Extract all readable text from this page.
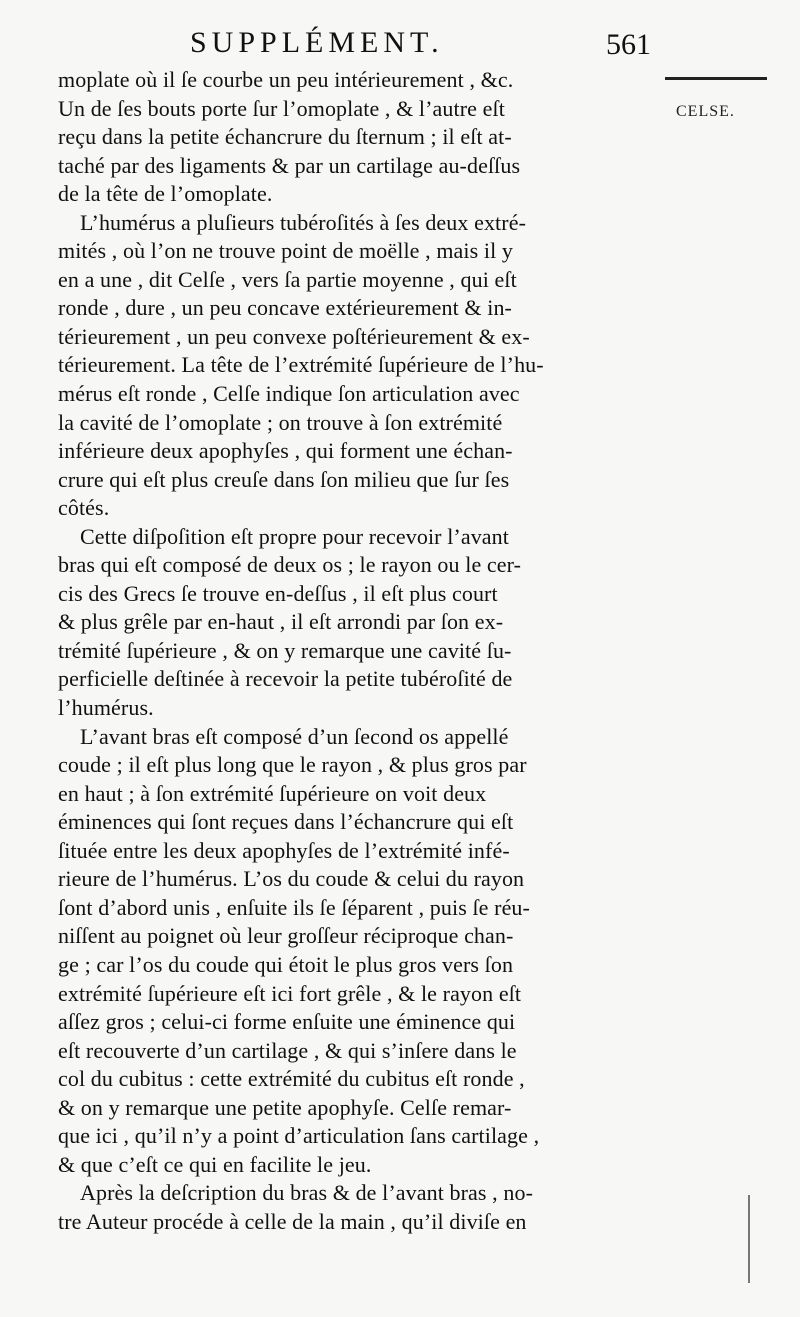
SUPPLÉMENT.	561
CELSE.
moplate où il ſe courbe un peu intérieurement , &c.
Un de ſes bouts porte ſur l’omoplate , & l’autre eſt
reçu dans la petite échancrure du ſternum ; il eſt at-
taché par des ligaments & par un cartilage au-deſſus
de la tête de l’omoplate.
L’humérus a pluſieurs tubéroſités à ſes deux extré-
mités , où l’on ne trouve point de moëlle , mais il y
en a une , dit Celſe , vers ſa partie moyenne , qui eſt
ronde , dure , un peu concave extérieurement & in-
térieurement , un peu convexe poſtérieurement & ex-
térieurement. La tête de l’extrémité ſupérieure de l’hu-
mérus eſt ronde , Celſe indique ſon articulation avec
la cavité de l’omoplate ; on trouve à ſon extrémité
inférieure deux apophyſes , qui forment une échan-
crure qui eſt plus creuſe dans ſon milieu que ſur ſes
côtés.
Cette diſpoſition eſt propre pour recevoir l’avant
bras qui eſt composé de deux os ; le rayon ou le cer-
cis des Grecs ſe trouve en-deſſus , il eſt plus court
& plus grêle par en-haut , il eſt arrondi par ſon ex-
trémité ſupérieure , & on y remarque une cavité ſu-
perficielle deſtinée à recevoir la petite tubéroſité de
l’humérus.
L’avant bras eſt composé d’un ſecond os appellé
coude ; il eſt plus long que le rayon , & plus gros par
en haut ; à ſon extrémité ſupérieure on voit deux
éminences qui ſont reçues dans l’échancrure qui eſt
ſituée entre les deux apophyſes de l’extrémité infé-
rieure de l’humérus. L’os du coude & celui du rayon
ſont d’abord unis , enſuite ils ſe ſéparent , puis ſe réu-
niſſent au poignet où leur groſſeur réciproque chan-
ge ; car l’os du coude qui étoit le plus gros vers ſon
extrémité ſupérieure eſt ici fort grêle , & le rayon eſt
aſſez gros ; celui-ci forme enſuite une éminence qui
eſt recouverte d’un cartilage , & qui s’inſere dans le
col du cubitus : cette extrémité du cubitus eſt ronde ,
& on y remarque une petite apophyſe. Celſe remar-
que ici , qu’il n’y a point d’articulation ſans cartilage ,
& que c’eſt ce qui en facilite le jeu.
Après la deſcription du bras & de l’avant bras , no-
tre Auteur procéde à celle de la main , qu’il diviſe en
